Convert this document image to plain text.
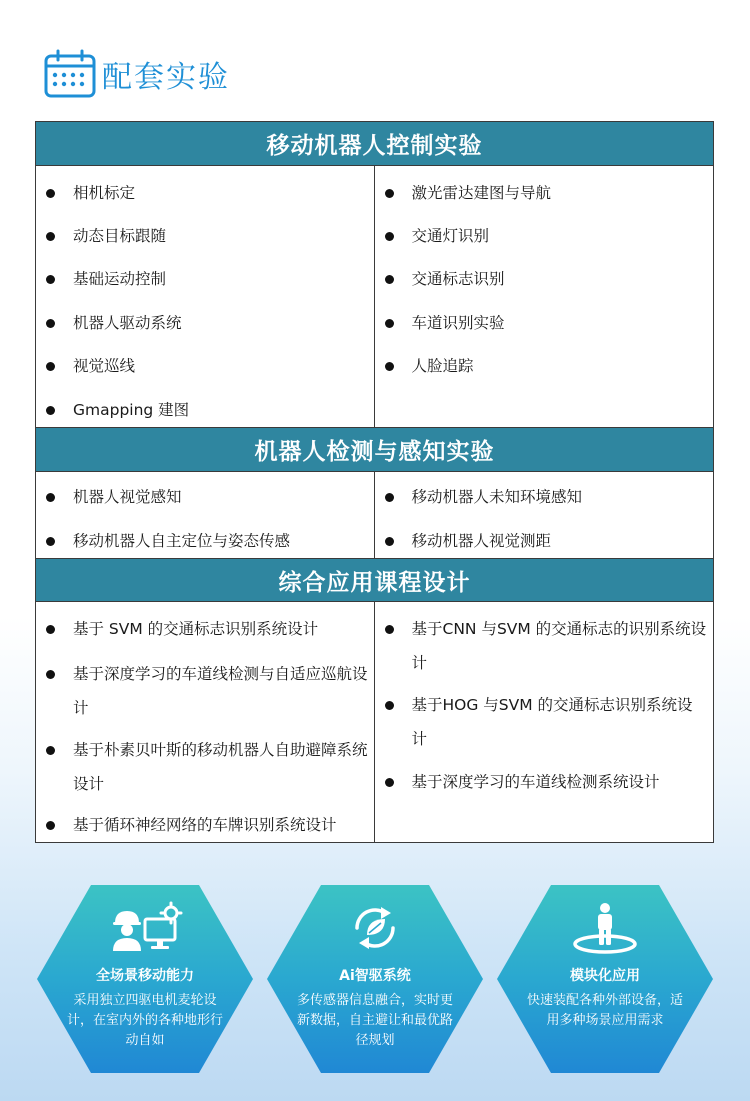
配套实验
移动机器人控制实验
相机标定
动态目标跟随
基础运动控制
机器人驱动系统
视觉巡线
Gmapping 建图
激光雷达建图与导航
交通灯识别
交通标志识别
车道识别实验
人脸追踪
机器人检测与感知实验
机器人视觉感知
移动机器人自主定位与姿态传感
移动机器人未知环境感知
移动机器人视觉测距
综合应用课程设计
基于 SVM 的交通标志识别系统设计
基于深度学习的车道线检测与自适应巡航设计
基于朴素贝叶斯的移动机器人自助避障系统设计
基于循环神经网络的车牌识别系统设计
基于CNN 与SVM 的交通标志的识别系统设计
基于HOG 与SVM 的交通标志识别系统设计
基于深度学习的车道线检测系统设计
全场景移动能力
采用独立四驱电机麦轮设计，在室内外的各种地形行动自如
Ai智驱系统
多传感器信息融合，实时更新数据，自主避让和最优路径规划
模块化应用
快速装配各种外部设备，适用多种场景应用需求
